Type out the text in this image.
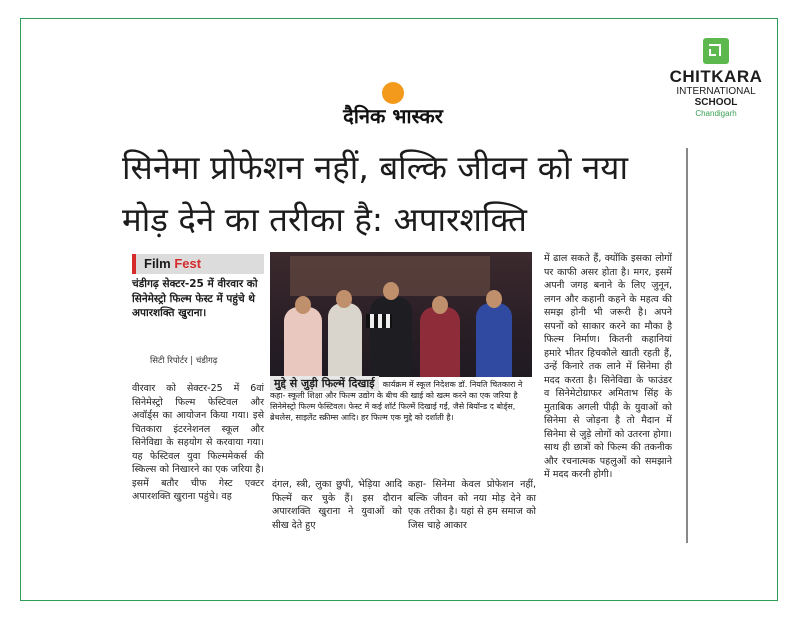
CHITKARA
INTERNATIONAL
SCHOOL
Chandigarh
दैनिक भास्कर
सिनेमा प्रोफेशन नहीं, बल्कि जीवन को नया मोड़ देने का तरीका है: अपारशक्ति
Film Fest
चंडीगढ़ सेक्टर-25 में वीरवार को सिनेमेस्ट्रो फिल्म फेस्ट में पहुंचे थे अपारशक्ति खुराना।
सिटी रिपोर्टर | चंडीगढ़
मुद्दे से जुड़ी फिल्में दिखाई कार्यक्रम में स्कूल निदेशक डॉ. नियति चितकारा ने कहा- स्कूली शिक्षा और फिल्म उद्योग के बीच की खाई को खत्म करने का एक जरिया है सिनेमेस्ट्रो फिल्म फेस्टिवल। फेस्ट में कई शॉर्ट फिल्में दिखाई गईं, जैसे बियॉन्ड द बोर्ड्स, ब्रेथलेस, साइलेंट स्क्रीम्स आदि। हर फिल्म एक मुद्दे को दर्शाती है।
वीरवार को सेक्टर-25 में 6वां सिनेमेस्ट्रो फिल्म फेस्टिवल और अवॉर्ड्स का आयोजन किया गया। इसे चितकारा इंटरनेशनल स्कूल और सिनेविद्या के सहयोग से करवाया गया। यह फेस्टिवल युवा फिल्ममेकर्स की स्किल्स को निखारने का एक जरिया है। इसमें बतौर चीफ गेस्ट एक्टर अपारशक्ति खुराना पहुंचे। वह
दंगल, स्त्री, लुका छुपी, भेड़िया आदि फिल्में कर चुके हैं। इस दौरान अपारशक्ति खुराना ने युवाओं को सीख देते हुए
कहा- सिनेमा केवल प्रोफेशन नहीं, बल्कि जीवन को नया मोड़ देने का एक तरीका है। यहां से हम समाज को जिस चाहे आकार
में ढाल सकते हैं, क्योंकि इसका लोगों पर काफी असर होता है। मगर, इसमें अपनी जगह बनाने के लिए जुनून, लगन और कहानी कहने के महत्व की समझ होनी भी जरूरी है। अपने सपनों को साकार करने का मौका है फिल्म निर्माण। कितनी कहानियां हमारे भीतर हिचकौले खाती रहती हैं, उन्हें किनारे तक लाने में सिनेमा ही मदद करता है। सिनेविद्या के फाउंडर व सिनेमेटोग्राफर अमिताभ सिंह के मुताबिक अगली पीढ़ी के युवाओं को सिनेमा से जोड़ना है तो मैदान में सिनेमा से जुड़े लोगों को उतरना होगा। साथ ही छात्रों को फिल्म की तकनीक और रचनात्मक पहलुओं को समझाने में मदद करनी होगी।
